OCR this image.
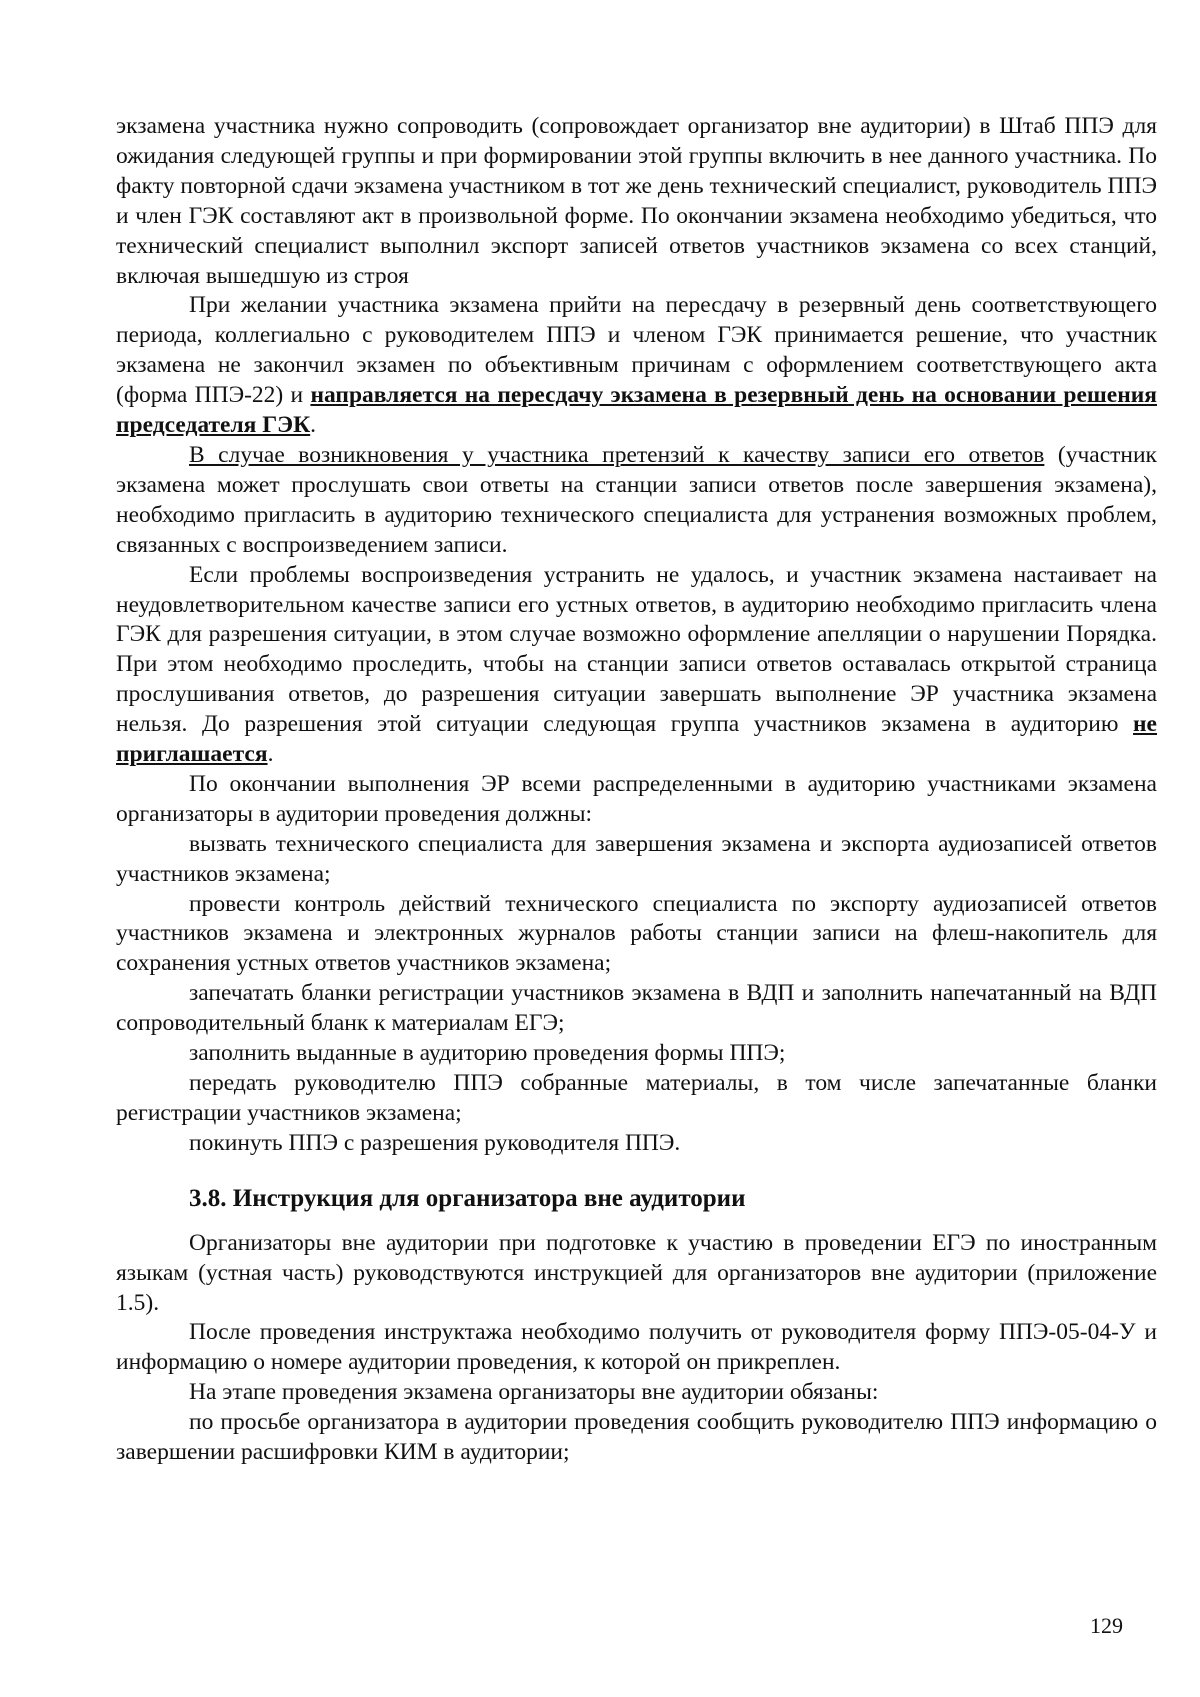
экзамена участника нужно сопроводить (сопровождает организатор вне аудитории) в Штаб ППЭ для ожидания следующей группы и при формировании этой группы включить в нее данного участника. По факту повторной сдачи экзамена участником в тот же день технический специалист, руководитель ППЭ и член ГЭК составляют акт в произвольной форме. По окончании экзамена необходимо убедиться, что технический специалист выполнил экспорт записей ответов участников экзамена со всех станций, включая вышедшую из строя

При желании участника экзамена прийти на пересдачу в резервный день соответствующего периода, коллегиально с руководителем ППЭ и членом ГЭК принимается решение, что участник экзамена не закончил экзамен по объективным причинам с оформлением соответствующего акта (форма ППЭ-22) и направляется на пересдачу экзамена в резервный день на основании решения председателя ГЭК.

В случае возникновения у участника претензий к качеству записи его ответов (участник экзамена может прослушать свои ответы на станции записи ответов после завершения экзамена), необходимо пригласить в аудиторию технического специалиста для устранения возможных проблем, связанных с воспроизведением записи.

Если проблемы воспроизведения устранить не удалось, и участник экзамена настаивает на неудовлетворительном качестве записи его устных ответов, в аудиторию необходимо пригласить члена ГЭК для разрешения ситуации, в этом случае возможно оформление апелляции о нарушении Порядка. При этом необходимо проследить, чтобы на станции записи ответов оставалась открытой страница прослушивания ответов, до разрешения ситуации завершать выполнение ЭР участника экзамена нельзя. До разрешения этой ситуации следующая группа участников экзамена в аудиторию не приглашается.

По окончании выполнения ЭР всеми распределенными в аудиторию участниками экзамена организаторы в аудитории проведения должны:

вызвать технического специалиста для завершения экзамена и экспорта аудиозаписей ответов участников экзамена;

провести контроль действий технического специалиста по экспорту аудиозаписей ответов участников экзамена и электронных журналов работы станции записи на флеш-накопитель для сохранения устных ответов участников экзамена;

запечатать бланки регистрации участников экзамена в ВДП и заполнить напечатанный на ВДП сопроводительный бланк к материалам ЕГЭ;

заполнить выданные в аудиторию проведения формы ППЭ;

передать руководителю ППЭ собранные материалы, в том числе запечатанные бланки регистрации участников экзамена;

покинуть ППЭ с разрешения руководителя ППЭ.

3.8. Инструкция для организатора вне аудитории

Организаторы вне аудитории при подготовке к участию в проведении ЕГЭ по иностранным языкам (устная часть) руководствуются инструкцией для организаторов вне аудитории (приложение 1.5).

После проведения инструктажа необходимо получить от руководителя форму ППЭ-05-04-У и информацию о номере аудитории проведения, к которой он прикреплен.

На этапе проведения экзамена организаторы вне аудитории обязаны:

по просьбе организатора в аудитории проведения сообщить руководителю ППЭ информацию о завершении расшифровки КИМ в аудитории;

129
